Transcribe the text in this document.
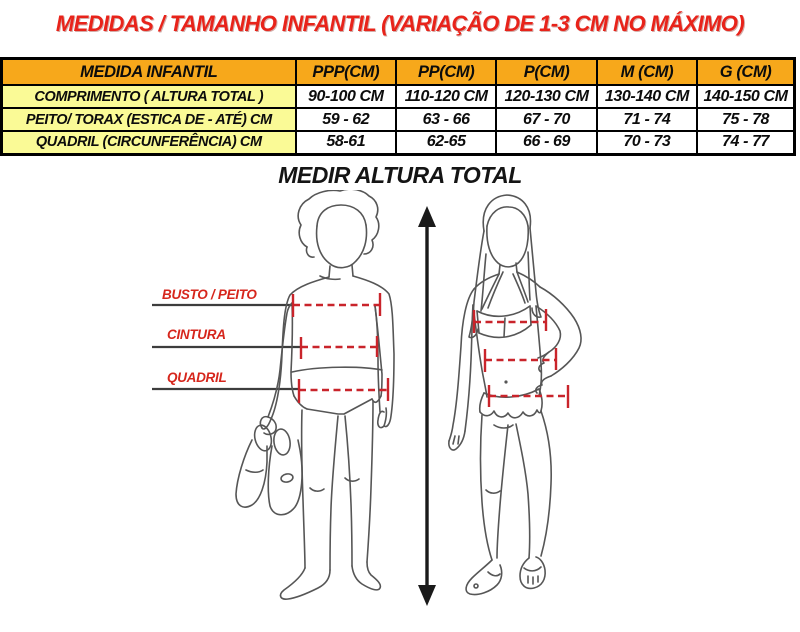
MEDIDAS / TAMANHO INFANTIL (VARIAÇÃO DE 1-3 CM NO MÁXIMO)
MEDIDA INFANTIL	PPP(CM)	PP(CM)	P(CM)	M (CM)	G (CM)
COMPRIMENTO ( ALTURA TOTAL )	90-100 CM	110-120 CM	120-130 CM	130-140 CM	140-150 CM
PEITO/ TORAX (ESTICA DE - ATÉ) CM	59 - 62	63 - 66	67 - 70	71 - 74	75 - 78
QUADRIL (CIRCUNFERÊNCIA) CM	58-61	62-65	66 - 69	70 - 73	74 - 77
MEDIR ALTURA TOTAL
BUSTO / PEITO
CINTURA
QUADRIL
